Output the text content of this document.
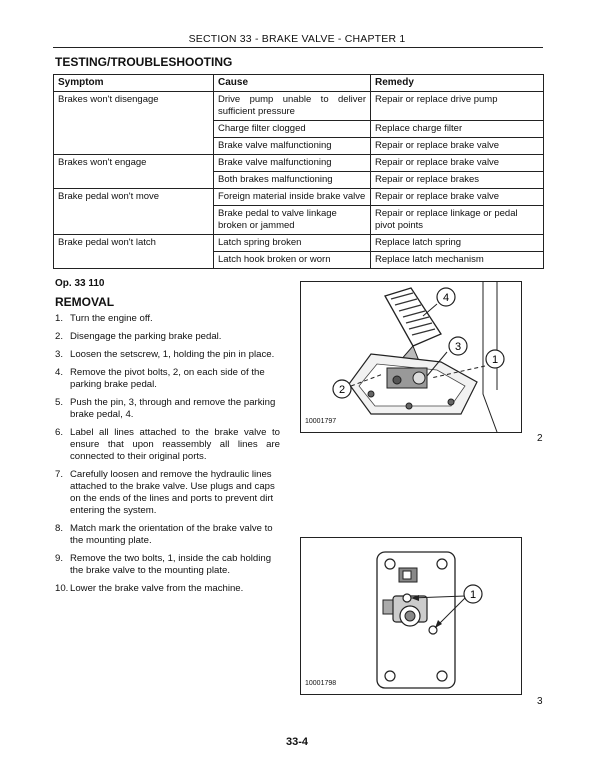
SECTION 33 - BRAKE VALVE - CHAPTER 1
TESTING/TROUBLESHOOTING
Symptom	Cause	Remedy
Brakes won't disengage	Drive pump unable to deliver sufficient pressure	Repair or replace drive pump
	Charge filter clogged	Replace charge filter
	Brake valve malfunctioning	Repair or replace brake valve
Brakes won't engage	Brake valve malfunctioning	Repair or replace brake valve
	Both brakes malfunctioning	Repair or replace brakes
Brake pedal won't move	Foreign material inside brake valve	Repair or replace brake valve
	Brake pedal to valve linkage broken or jammed	Repair or replace linkage or pedal pivot points
Brake pedal won't latch	Latch spring broken	Replace latch spring
	Latch hook broken or worn	Replace latch mechanism
Op. 33 110
REMOVAL
1. Turn the engine off.
2. Disengage the parking brake pedal.
3. Loosen the setscrew, 1, holding the pin in place.
4. Remove the pivot bolts, 2, on each side of the parking brake pedal.
5. Push the pin, 3, through and remove the parking brake pedal, 4.
6. Label all lines attached to the brake valve to ensure that upon reassembly all lines are connected to their original ports.
7. Carefully loosen and remove the hydraulic lines attached to the brake valve. Use plugs and caps on the ends of the lines and ports to prevent dirt entering the system.
8. Match mark the orientation of the brake valve to the mounting plate.
9. Remove the two bolts, 1, inside the cab holding the brake valve to the mounting plate.
10. Lower the brake valve from the machine.
4
3
1
2
10001797
2
1
10001798
3
33-4
